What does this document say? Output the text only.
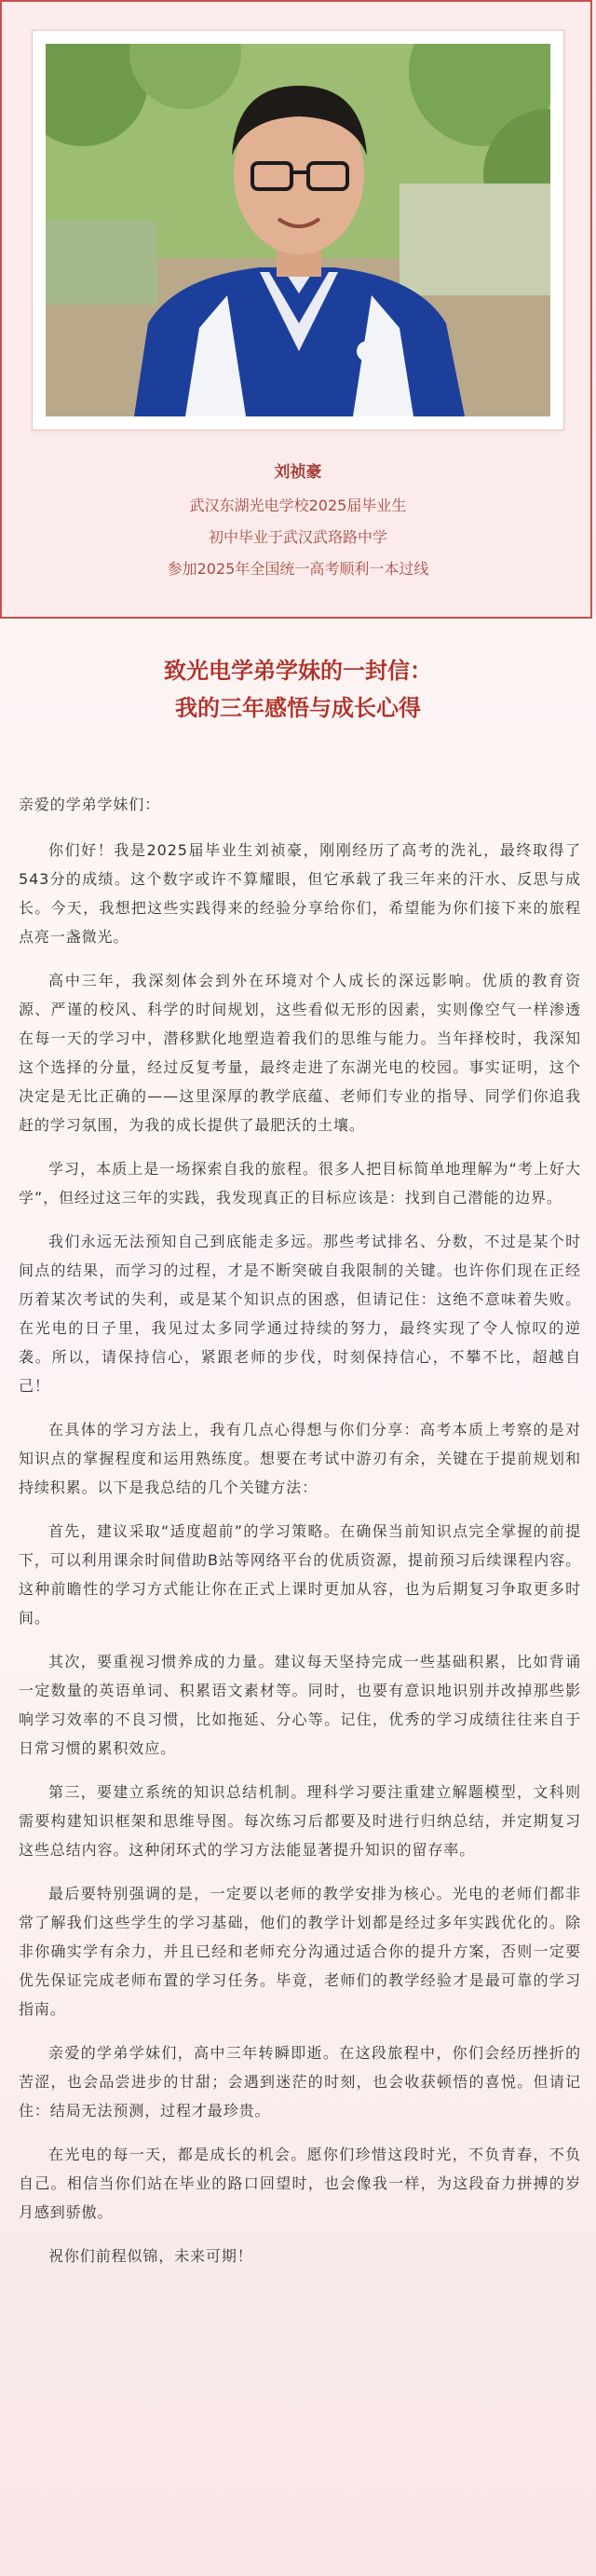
刘祯豪
武汉东湖光电学校2025届毕业生
初中毕业于武汉武珞路中学
参加2025年全国统一高考顺利一本过线
致光电学弟学妹的一封信：
我的三年感悟与成长心得

亲爱的学弟学妹们：

你们好！我是2025届毕业生刘祯豪，刚刚经历了高考的洗礼，最终取得了543分的成绩。这个数字或许不算耀眼，但它承载了我三年来的汗水、反思与成长。今天，我想把这些实践得来的经验分享给你们，希望能为你们接下来的旅程点亮一盏微光。

高中三年，我深刻体会到外在环境对个人成长的深远影响。优质的教育资源、严谨的校风、科学的时间规划，这些看似无形的因素，实则像空气一样渗透在每一天的学习中，潜移默化地塑造着我们的思维与能力。当年择校时，我深知这个选择的分量，经过反复考量，最终走进了东湖光电的校园。事实证明，这个决定是无比正确的——这里深厚的教学底蕴、老师们专业的指导、同学们你追我赶的学习氛围，为我的成长提供了最肥沃的土壤。

学习，本质上是一场探索自我的旅程。很多人把目标简单地理解为“考上好大学”，但经过这三年的实践，我发现真正的目标应该是：找到自己潜能的边界。

我们永远无法预知自己到底能走多远。那些考试排名、分数，不过是某个时间点的结果，而学习的过程，才是不断突破自我限制的关键。也许你们现在正经历着某次考试的失利，或是某个知识点的困惑，但请记住：这绝不意味着失败。在光电的日子里，我见过太多同学通过持续的努力，最终实现了令人惊叹的逆袭。所以，请保持信心，紧跟老师的步伐，时刻保持信心，不攀不比，超越自己！

在具体的学习方法上，我有几点心得想与你们分享：高考本质上考察的是对知识点的掌握程度和运用熟练度。想要在考试中游刃有余，关键在于提前规划和持续积累。以下是我总结的几个关键方法：

首先，建议采取“适度超前”的学习策略。在确保当前知识点完全掌握的前提下，可以利用课余时间借助B站等网络平台的优质资源，提前预习后续课程内容。这种前瞻性的学习方式能让你在正式上课时更加从容，也为后期复习争取更多时间。

其次，要重视习惯养成的力量。建议每天坚持完成一些基础积累，比如背诵一定数量的英语单词、积累语文素材等。同时，也要有意识地识别并改掉那些影响学习效率的不良习惯，比如拖延、分心等。记住，优秀的学习成绩往往来自于日常习惯的累积效应。

第三，要建立系统的知识总结机制。理科学习要注重建立解题模型，文科则需要构建知识框架和思维导图。每次练习后都要及时进行归纳总结，并定期复习这些总结内容。这种闭环式的学习方法能显著提升知识的留存率。

最后要特别强调的是，一定要以老师的教学安排为核心。光电的老师们都非常了解我们这些学生的学习基础，他们的教学计划都是经过多年实践优化的。除非你确实学有余力，并且已经和老师充分沟通过适合你的提升方案，否则一定要优先保证完成老师布置的学习任务。毕竟，老师们的教学经验才是最可靠的学习指南。

亲爱的学弟学妹们，高中三年转瞬即逝。在这段旅程中，你们会经历挫折的苦涩，也会品尝进步的甘甜；会遇到迷茫的时刻，也会收获顿悟的喜悦。但请记住：结局无法预测，过程才最珍贵。

在光电的每一天，都是成长的机会。愿你们珍惜这段时光，不负青春，不负自己。相信当你们站在毕业的路口回望时，也会像我一样，为这段奋力拼搏的岁月感到骄傲。

祝你们前程似锦，未来可期！
